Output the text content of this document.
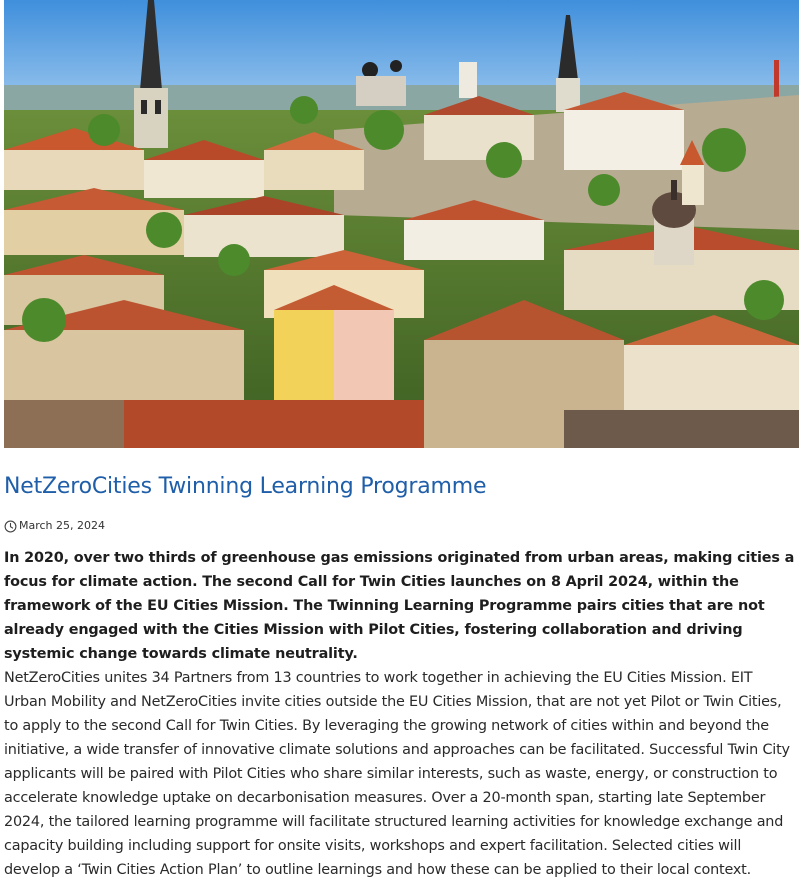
NetZeroCities Twinning Learning Programme
March 25, 2024

In 2020, over two thirds of greenhouse gas emissions originated from urban areas, making cities a focus for climate action. The second Call for Twin Cities launches on 8 April 2024, within the framework of the EU Cities Mission. The Twinning Learning Programme pairs cities that are not already engaged with the Cities Mission with Pilot Cities, fostering collaboration and driving systemic change towards climate neutrality.

NetZeroCities unites 34 Partners from 13 countries to work together in achieving the EU Cities Mission. EIT Urban Mobility and NetZeroCities invite cities outside the EU Cities Mission, that are not yet Pilot or Twin Cities, to apply to the second Call for Twin Cities. By leveraging the growing network of cities within and beyond the initiative, a wide transfer of innovative climate solutions and approaches can be facilitated. Successful Twin City applicants will be paired with Pilot Cities who share similar interests, such as waste, energy, or construction to accelerate knowledge uptake on decarbonisation measures. Over a 20-month span, starting late September 2024, the tailored learning programme will facilitate structured learning activities for knowledge exchange and capacity building including support for onsite visits, workshops and expert facilitation. Selected cities will develop a ‘Twin Cities Action Plan’ to outline learnings and how these can be applied to their local context.
